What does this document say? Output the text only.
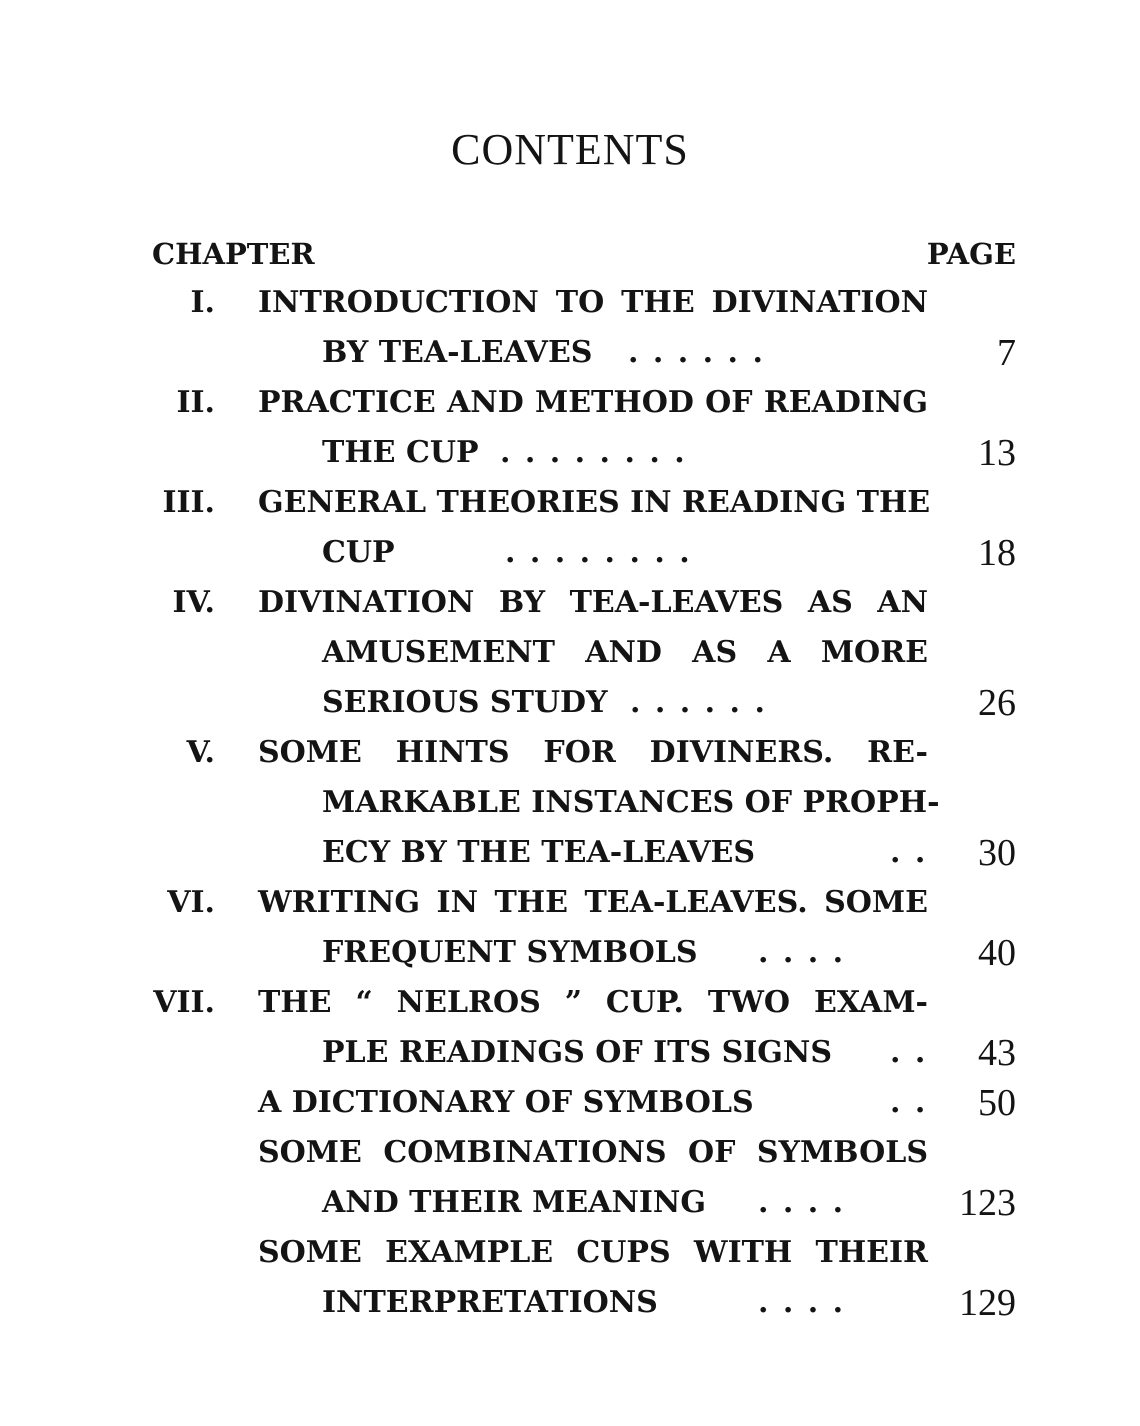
CONTENTS
CHAPTER	PAGE
I. INTRODUCTION TO THE DIVINATION
BY TEA-LEAVES	. . . . . .	7
II. PRACTICE AND METHOD OF READING
THE CUP . . . . . . . .	13
III. GENERAL THEORIES IN READING THE
CUP	. . . . . . . .	18
IV. DIVINATION BY TEA-LEAVES AS AN
AMUSEMENT AND AS A MORE
SERIOUS STUDY . . . . . .	26
V. SOME HINTS FOR DIVINERS. RE-
MARKABLE INSTANCES OF PROPH-
ECY BY THE TEA-LEAVES	. . 30
VI. WRITING IN THE TEA-LEAVES. SOME
FREQUENT SYMBOLS	. . . .	40
VII. THE “ NELROS ” CUP. TWO EXAM-
PLE READINGS OF ITS SIGNS	. . 43
A DICTIONARY OF SYMBOLS	. . 50
SOME COMBINATIONS OF SYMBOLS
AND THEIR MEANING	. . . .	123
SOME EXAMPLE CUPS WITH THEIR
INTERPRETATIONS	. . . .	129
